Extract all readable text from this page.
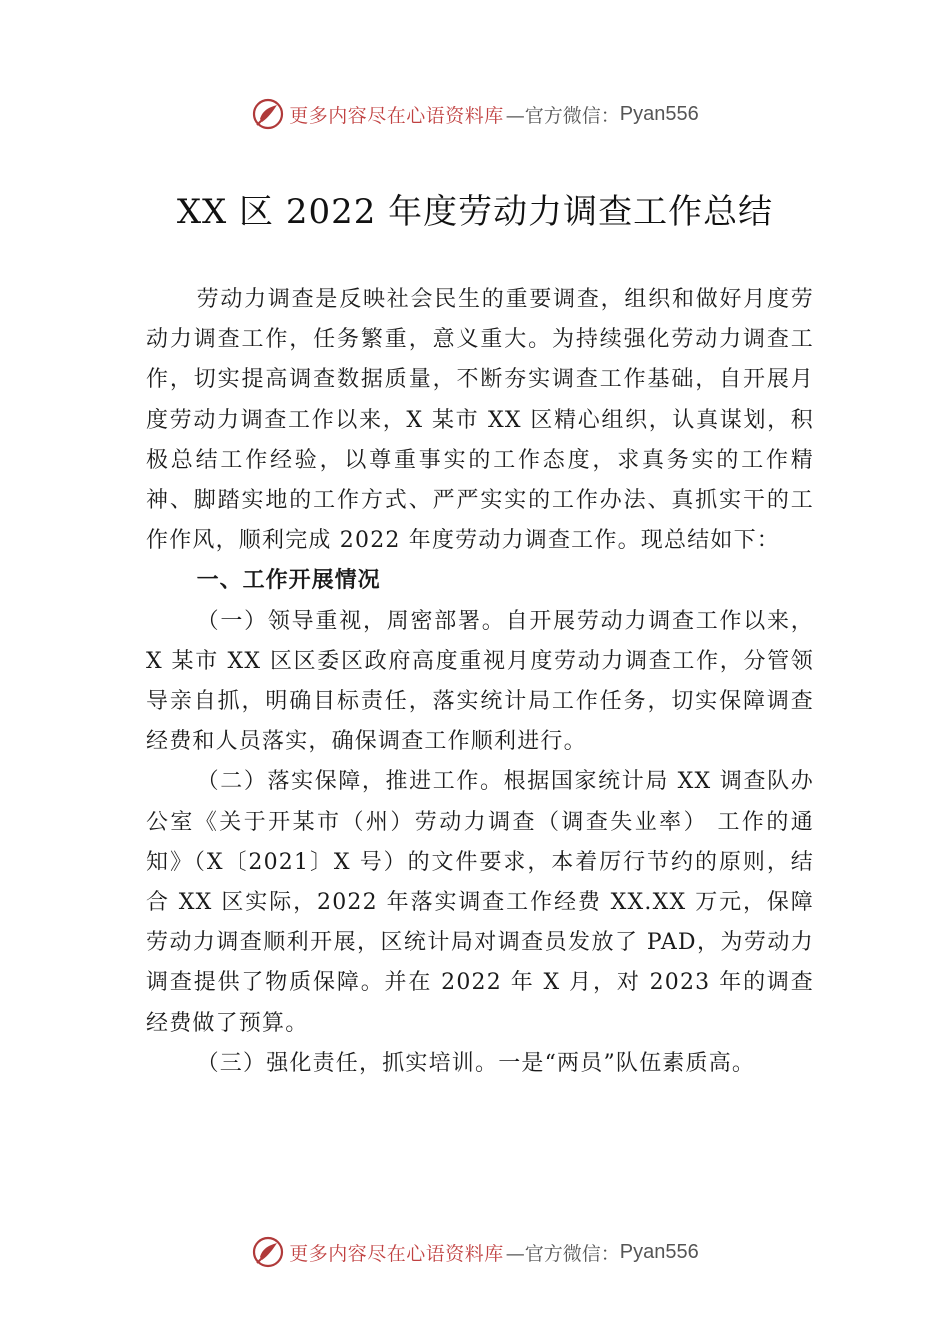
更多内容尽在心语资料库 —官方微信： Pyan556
XX 区 2022 年度劳动力调查工作总结

劳动力调查是反映社会民生的重要调查，组织和做好月度劳动力调查工作，任务繁重，意义重大。为持续强化劳动力调查工作，切实提高调查数据质量，不断夯实调查工作基础，自开展月度劳动力调查工作以来，X 某市 XX 区精心组织，认真谋划，积极总结工作经验，以尊重事实的工作态度，求真务实的工作精神、脚踏实地的工作方式、严严实实的工作办法、真抓实干的工作作风，顺利完成 2022 年度劳动力调查工作。现总结如下：

一、工作开展情况

（一）领导重视，周密部署。自开展劳动力调查工作以来，X 某市 XX 区区委区政府高度重视月度劳动力调查工作，分管领导亲自抓，明确目标责任，落实统计局工作任务，切实保障调查经费和人员落实，确保调查工作顺利进行。

（二）落实保障，推进工作。根据国家统计局 XX 调查队办公室《关于开某市（州）劳动力调查（调查失业率） 工作的通知》（X〔2021〕X 号）的文件要求，本着厉行节约的原则，结合 XX 区实际，2022 年落实调查工作经费 XX.XX 万元，保障劳动力调查顺利开展，区统计局对调查员发放了 PAD，为劳动力调查提供了物质保障。并在 2022 年 X 月，对 2023 年的调查经费做了预算。

（三）强化责任，抓实培训。一是“两员”队伍素质高。

更多内容尽在心语资料库 —官方微信： Pyan556
